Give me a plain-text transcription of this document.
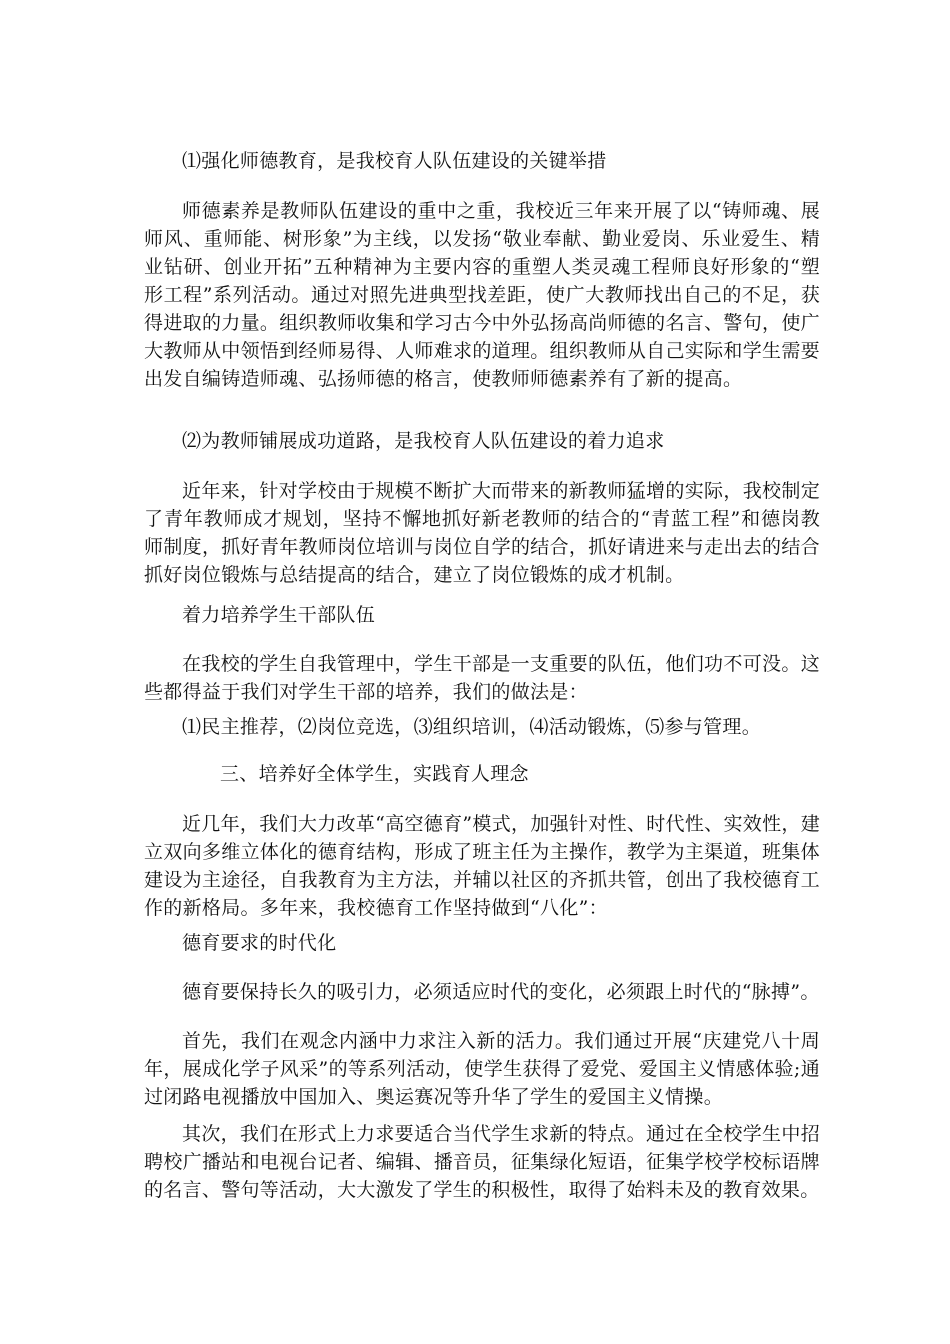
⑴强化师德教育，是我校育人队伍建设的关键举措
师德素养是教师队伍建设的重中之重，我校近三年来开展了以“铸师魂、展师风、重师能、树形象”为主线，以发扬“敬业奉献、勤业爱岗、乐业爱生、精业钻研、创业开拓”五种精神为主要内容的重塑人类灵魂工程师良好形象的“塑形工程”系列活动。通过对照先进典型找差距，使广大教师找出自己的不足，获得进取的力量。组织教师收集和学习古今中外弘扬高尚师德的名言、警句，使广大教师从中领悟到经师易得、人师难求的道理。组织教师从自己实际和学生需要出发自编铸造师魂、弘扬师德的格言，使教师师德素养有了新的提高。
⑵为教师铺展成功道路，是我校育人队伍建设的着力追求
近年来，针对学校由于规模不断扩大而带来的新教师猛增的实际，我校制定了青年教师成才规划，坚持不懈地抓好新老教师的结合的“青蓝工程”和德岗教师制度，抓好青年教师岗位培训与岗位自学的结合，抓好请进来与走出去的结合抓好岗位锻炼与总结提高的结合，建立了岗位锻炼的成才机制。
着力培养学生干部队伍
在我校的学生自我管理中，学生干部是一支重要的队伍，他们功不可没。这些都得益于我们对学生干部的培养，我们的做法是：
⑴民主推荐，⑵岗位竞选，⑶组织培训，⑷活动锻炼，⑸参与管理。
三、培养好全体学生，实践育人理念
近几年，我们大力改革“高空德育”模式，加强针对性、时代性、实效性，建立双向多维立体化的德育结构，形成了班主任为主操作，教学为主渠道，班集体建设为主途径，自我教育为主方法，并辅以社区的齐抓共管，创出了我校德育工作的新格局。多年来，我校德育工作坚持做到“八化”：
德育要求的时代化
德育要保持长久的吸引力，必须适应时代的变化，必须跟上时代的“脉搏”。
首先，我们在观念内涵中力求注入新的活力。我们通过开展“庆建党八十周年，展成化学子风采”的等系列活动，使学生获得了爱党、爱国主义情感体验;通过闭路电视播放中国加入、奥运赛况等升华了学生的爱国主义情操。
其次，我们在形式上力求要适合当代学生求新的特点。通过在全校学生中招聘校广播站和电视台记者、编辑、播音员，征集绿化短语，征集学校学校标语牌的名言、警句等活动，大大激发了学生的积极性，取得了始料未及的教育效果。
